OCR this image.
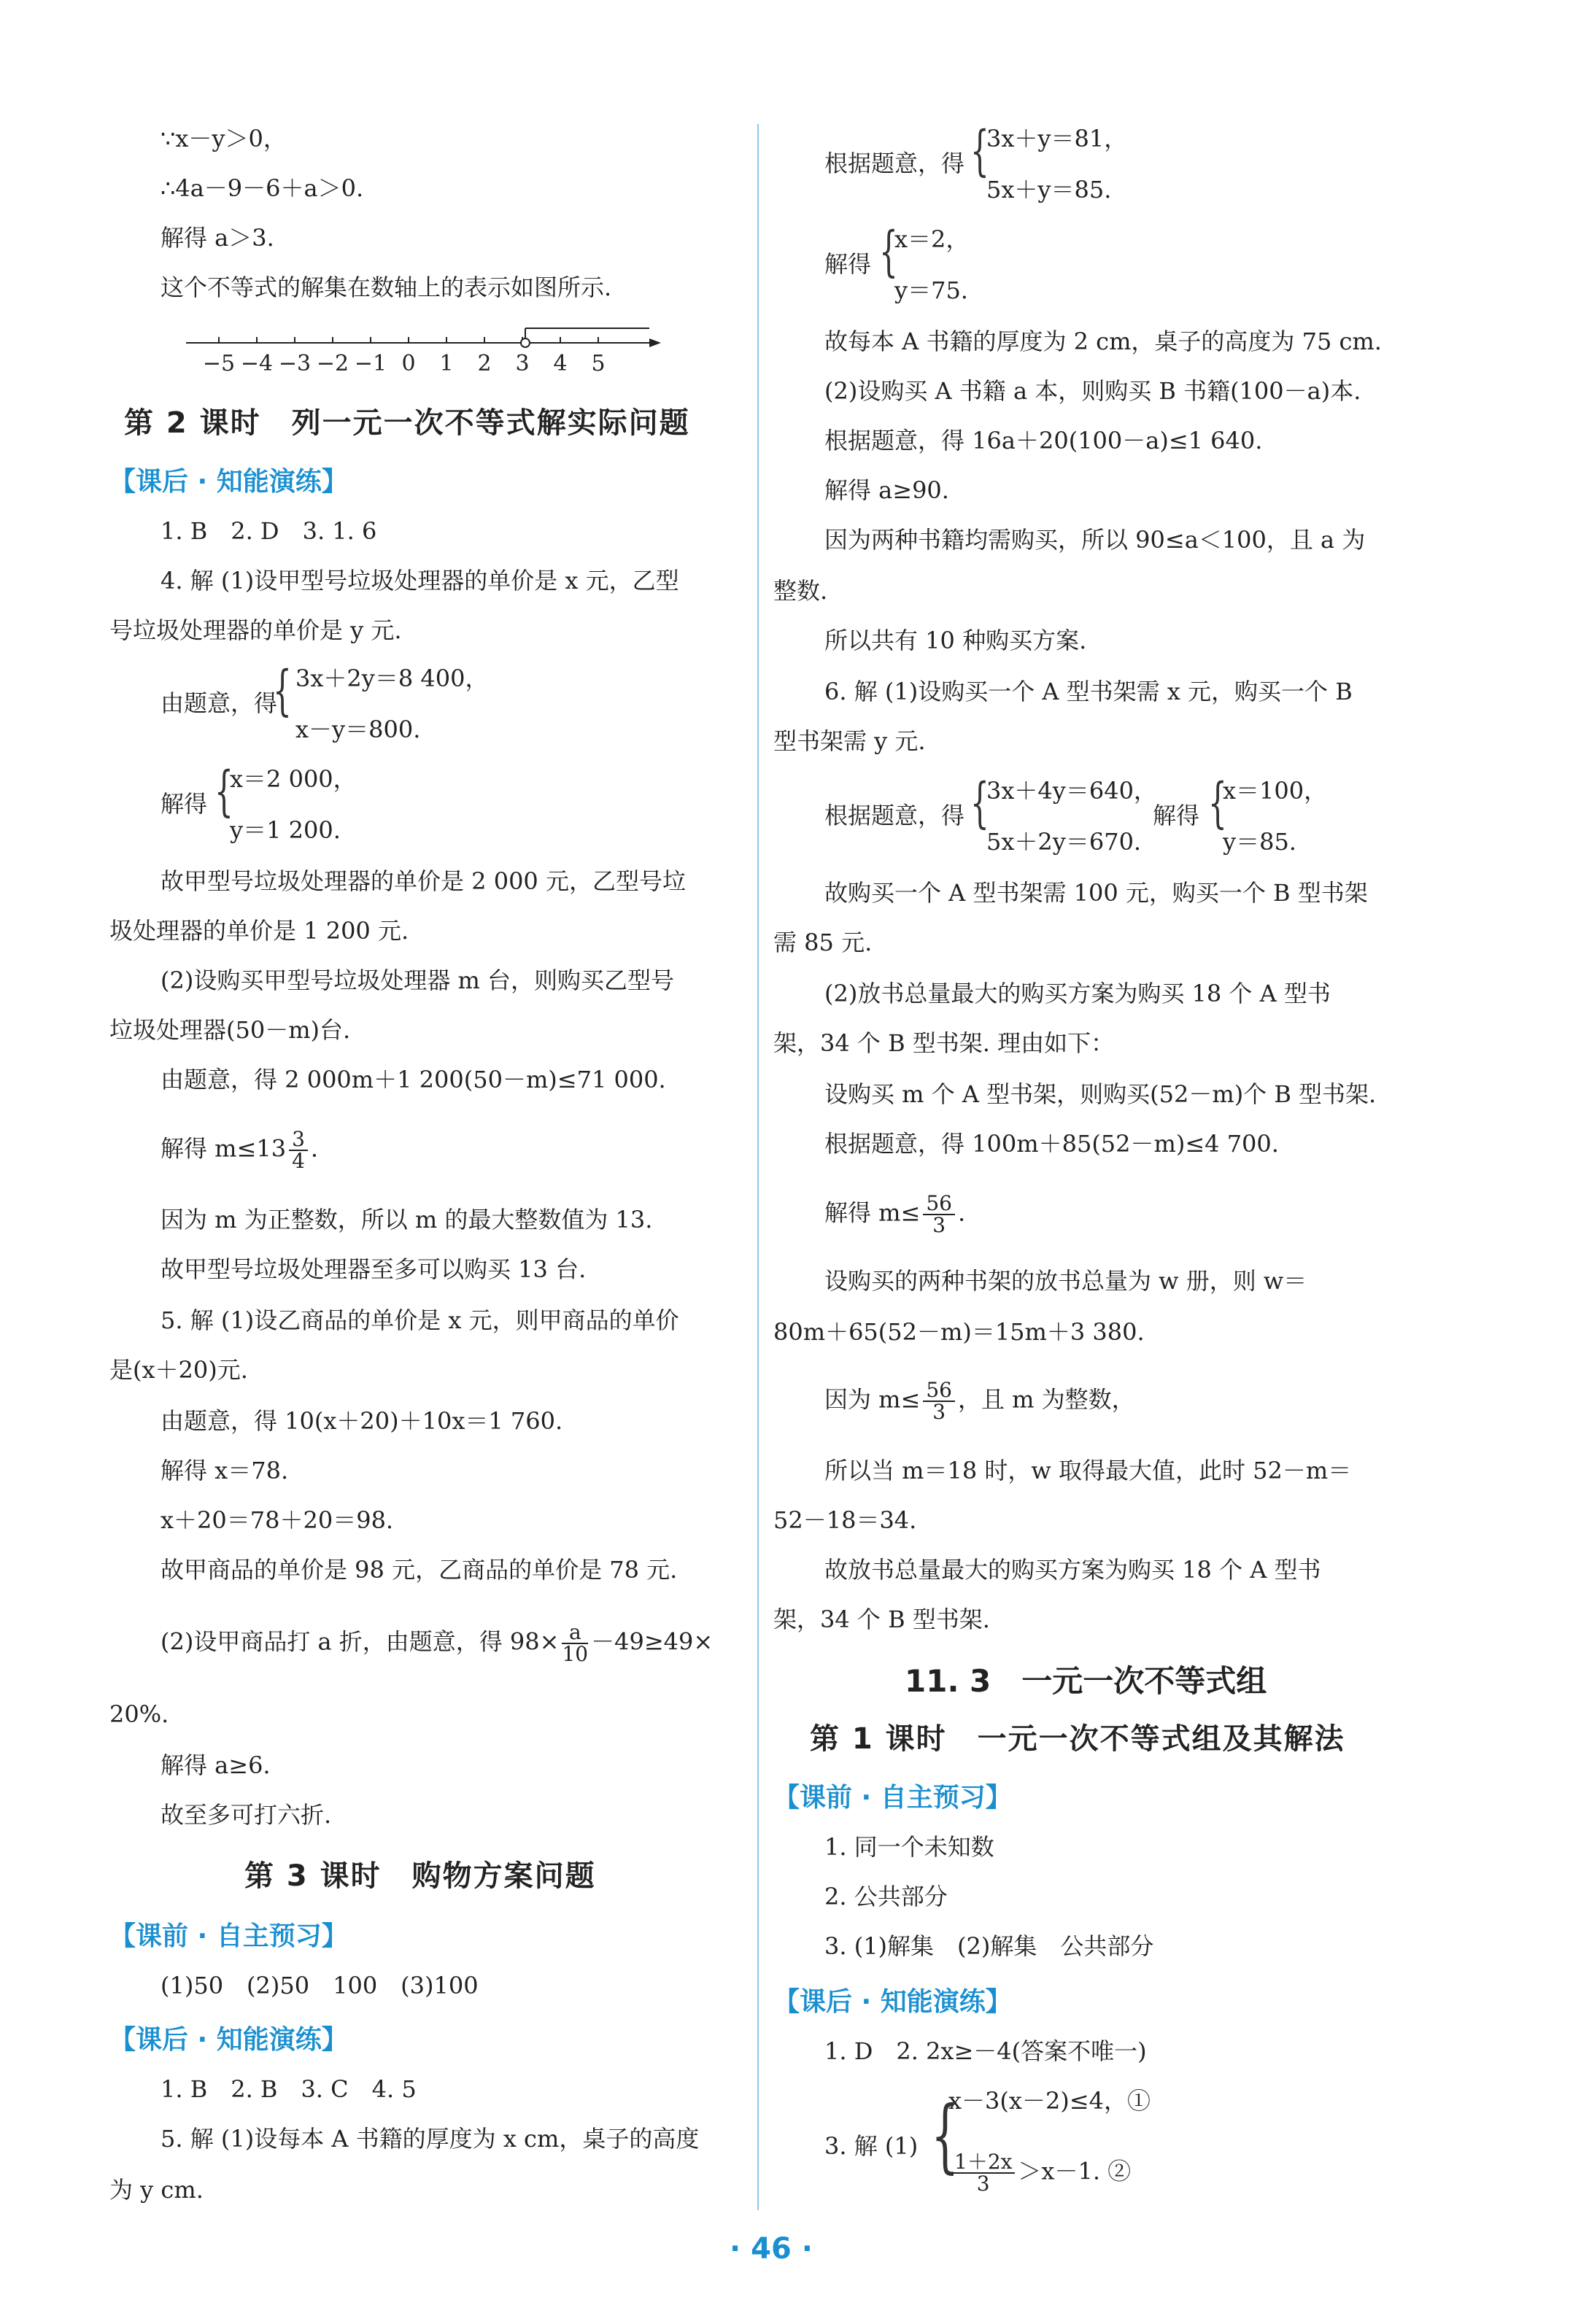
∵x－y＞0，
∴4a－9－6＋a＞0.
解得 a＞3.
这个不等式的解集在数轴上的表示如图所示.
−5 −4 −3 −2 −1 0 1 2 3 4 5
第 2 课时　列一元一次不等式解实际问题
【课后 · 知能演练】
1. B　2. D　3. 1. 6
4. 解 (1)设甲型号垃圾处理器的单价是 x 元，乙型
号垃圾处理器的单价是 y 元.
由题意，得
{ 3x＋2y＝8 400，
x－y＝800.
解得 {
x＝2 000，
y＝1 200.
故甲型号垃圾处理器的单价是 2 000 元，乙型号垃
圾处理器的单价是 1 200 元.
(2)设购买甲型号垃圾处理器 m 台，则购买乙型号
垃圾处理器(50－m)台.
由题意，得 2 000m＋1 200(50－m)≤71 000.
解得 $m\le 13 \frac{3}{4}$ .
因为 m 为正整数，所以 m 的最大整数值为 13.
故甲型号垃圾处理器至多可以购买 13 台.
5. 解 (1)设乙商品的单价是 x 元，则甲商品的单价
是(x＋20)元.
由题意，得 10(x＋20)＋10x＝1 760.
解得 x＝78.
x＋20＝78＋20＝98.
故甲商品的单价是 98 元，乙商品的单价是 78 元.
(2)设甲商品打 a 折，由题意，得 $98\times \frac{a}{10} -49\ge 49\times$
20%.
解得 a≥6.
故至多可打六折.
第 3 课时　购物方案问题
【课前 · 自主预习】
(1)50　(2)50　100　(3)100
【课后 · 知能演练】
1. B　2. B　3. C　4. 5
5. 解 (1)设每本 A 书籍的厚度为 x cm，桌子的高度
为 y cm.
根据题意，得 {
3x＋y＝81，
5x＋y＝85.
解得 {
x＝2，
y＝75.
故每本 A 书籍的厚度为 2 cm，桌子的高度为 75 cm.
(2)设购买 A 书籍 a 本，则购买 B 书籍(100－a)本.
根据题意，得 16a＋20(100－a)≤1 640.
解得 a≥90.
因为两种书籍均需购买，所以 90≤a＜100，且 a 为
整数.
所以共有 10 种购买方案.
6. 解 (1)设购买一个 A 型书架需 x 元，购买一个 B
型书架需 y 元.
根据题意，得 {
3x＋4y＝640，
5x＋2y＝670.
解得 {
x＝100，
y＝85.
故购买一个 A 型书架需 100 元，购买一个 B 型书架
需 85 元.
(2)放书总量最大的购买方案为购买 18 个 A 型书
架，34 个 B 型书架. 理由如下：
设购买 m 个 A 型书架，则购买(52－m)个 B 型书架.
根据题意，得 100m＋85(52－m)≤4 700.
解得 $m\le \frac{56}{3}$ .
设购买的两种书架的放书总量为 w 册，则 w＝
80m＋65(52－m)＝15m＋3 380.
因为 $m\le \frac{56}{3}$ ，且 m 为整数，
所以当 m＝18 时，w 取得最大值，此时 52－m＝
52－18＝34.
故放书总量最大的购买方案为购买 18 个 A 型书
架，34 个 B 型书架.
11. 3　一元一次不等式组
第 1 课时　一元一次不等式组及其解法
【课前 · 自主预习】
1. 同一个未知数
2. 公共部分
3. (1)解集　(2)解集　公共部分
【课后 · 知能演练】
1. D　2. 2x≥－4(答案不唯一)
3. 解 (1) {
x－3(x－2)≤4，①
$\frac{1+2x}{3} >x-1$. ②
· 46 ·
